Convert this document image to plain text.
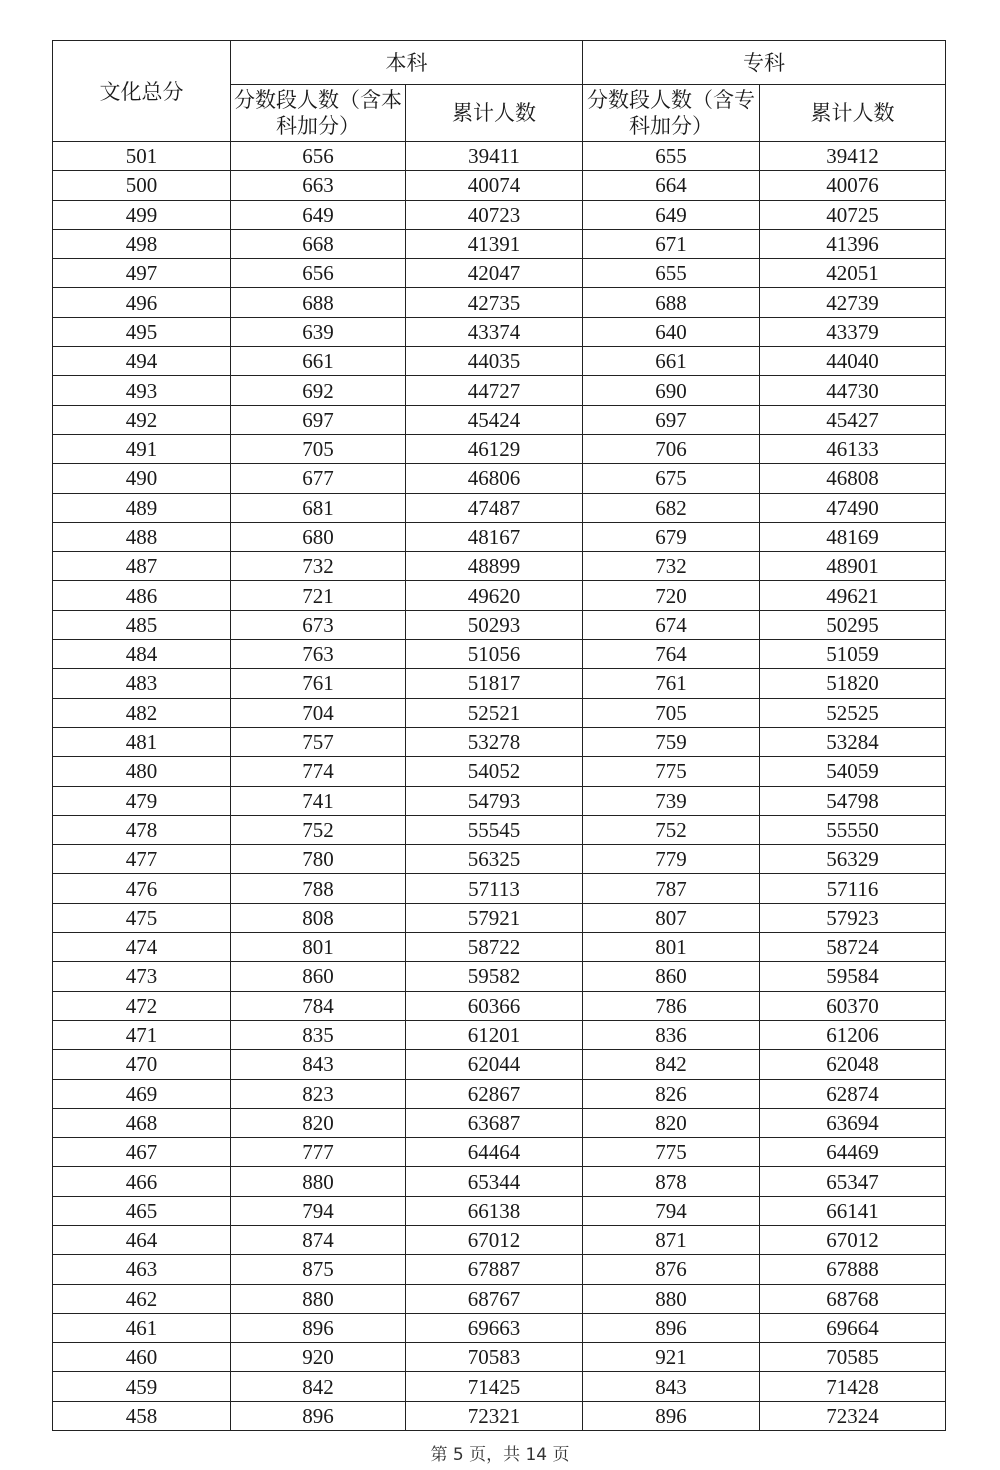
文化总分	本科		专科	
	分数段人数（含本科加分）	累计人数	分数段人数（含专科加分）	累计人数
501	656	39411	655	39412
500	663	40074	664	40076
499	649	40723	649	40725
498	668	41391	671	41396
497	656	42047	655	42051
496	688	42735	688	42739
495	639	43374	640	43379
494	661	44035	661	44040
493	692	44727	690	44730
492	697	45424	697	45427
491	705	46129	706	46133
490	677	46806	675	46808
489	681	47487	682	47490
488	680	48167	679	48169
487	732	48899	732	48901
486	721	49620	720	49621
485	673	50293	674	50295
484	763	51056	764	51059
483	761	51817	761	51820
482	704	52521	705	52525
481	757	53278	759	53284
480	774	54052	775	54059
479	741	54793	739	54798
478	752	55545	752	55550
477	780	56325	779	56329
476	788	57113	787	57116
475	808	57921	807	57923
474	801	58722	801	58724
473	860	59582	860	59584
472	784	60366	786	60370
471	835	61201	836	61206
470	843	62044	842	62048
469	823	62867	826	62874
468	820	63687	820	63694
467	777	64464	775	64469
466	880	65344	878	65347
465	794	66138	794	66141
464	874	67012	871	67012
463	875	67887	876	67888
462	880	68767	880	68768
461	896	69663	896	69664
460	920	70583	921	70585
459	842	71425	843	71428
458	896	72321	896	72324
第 5 页，共 14 页
